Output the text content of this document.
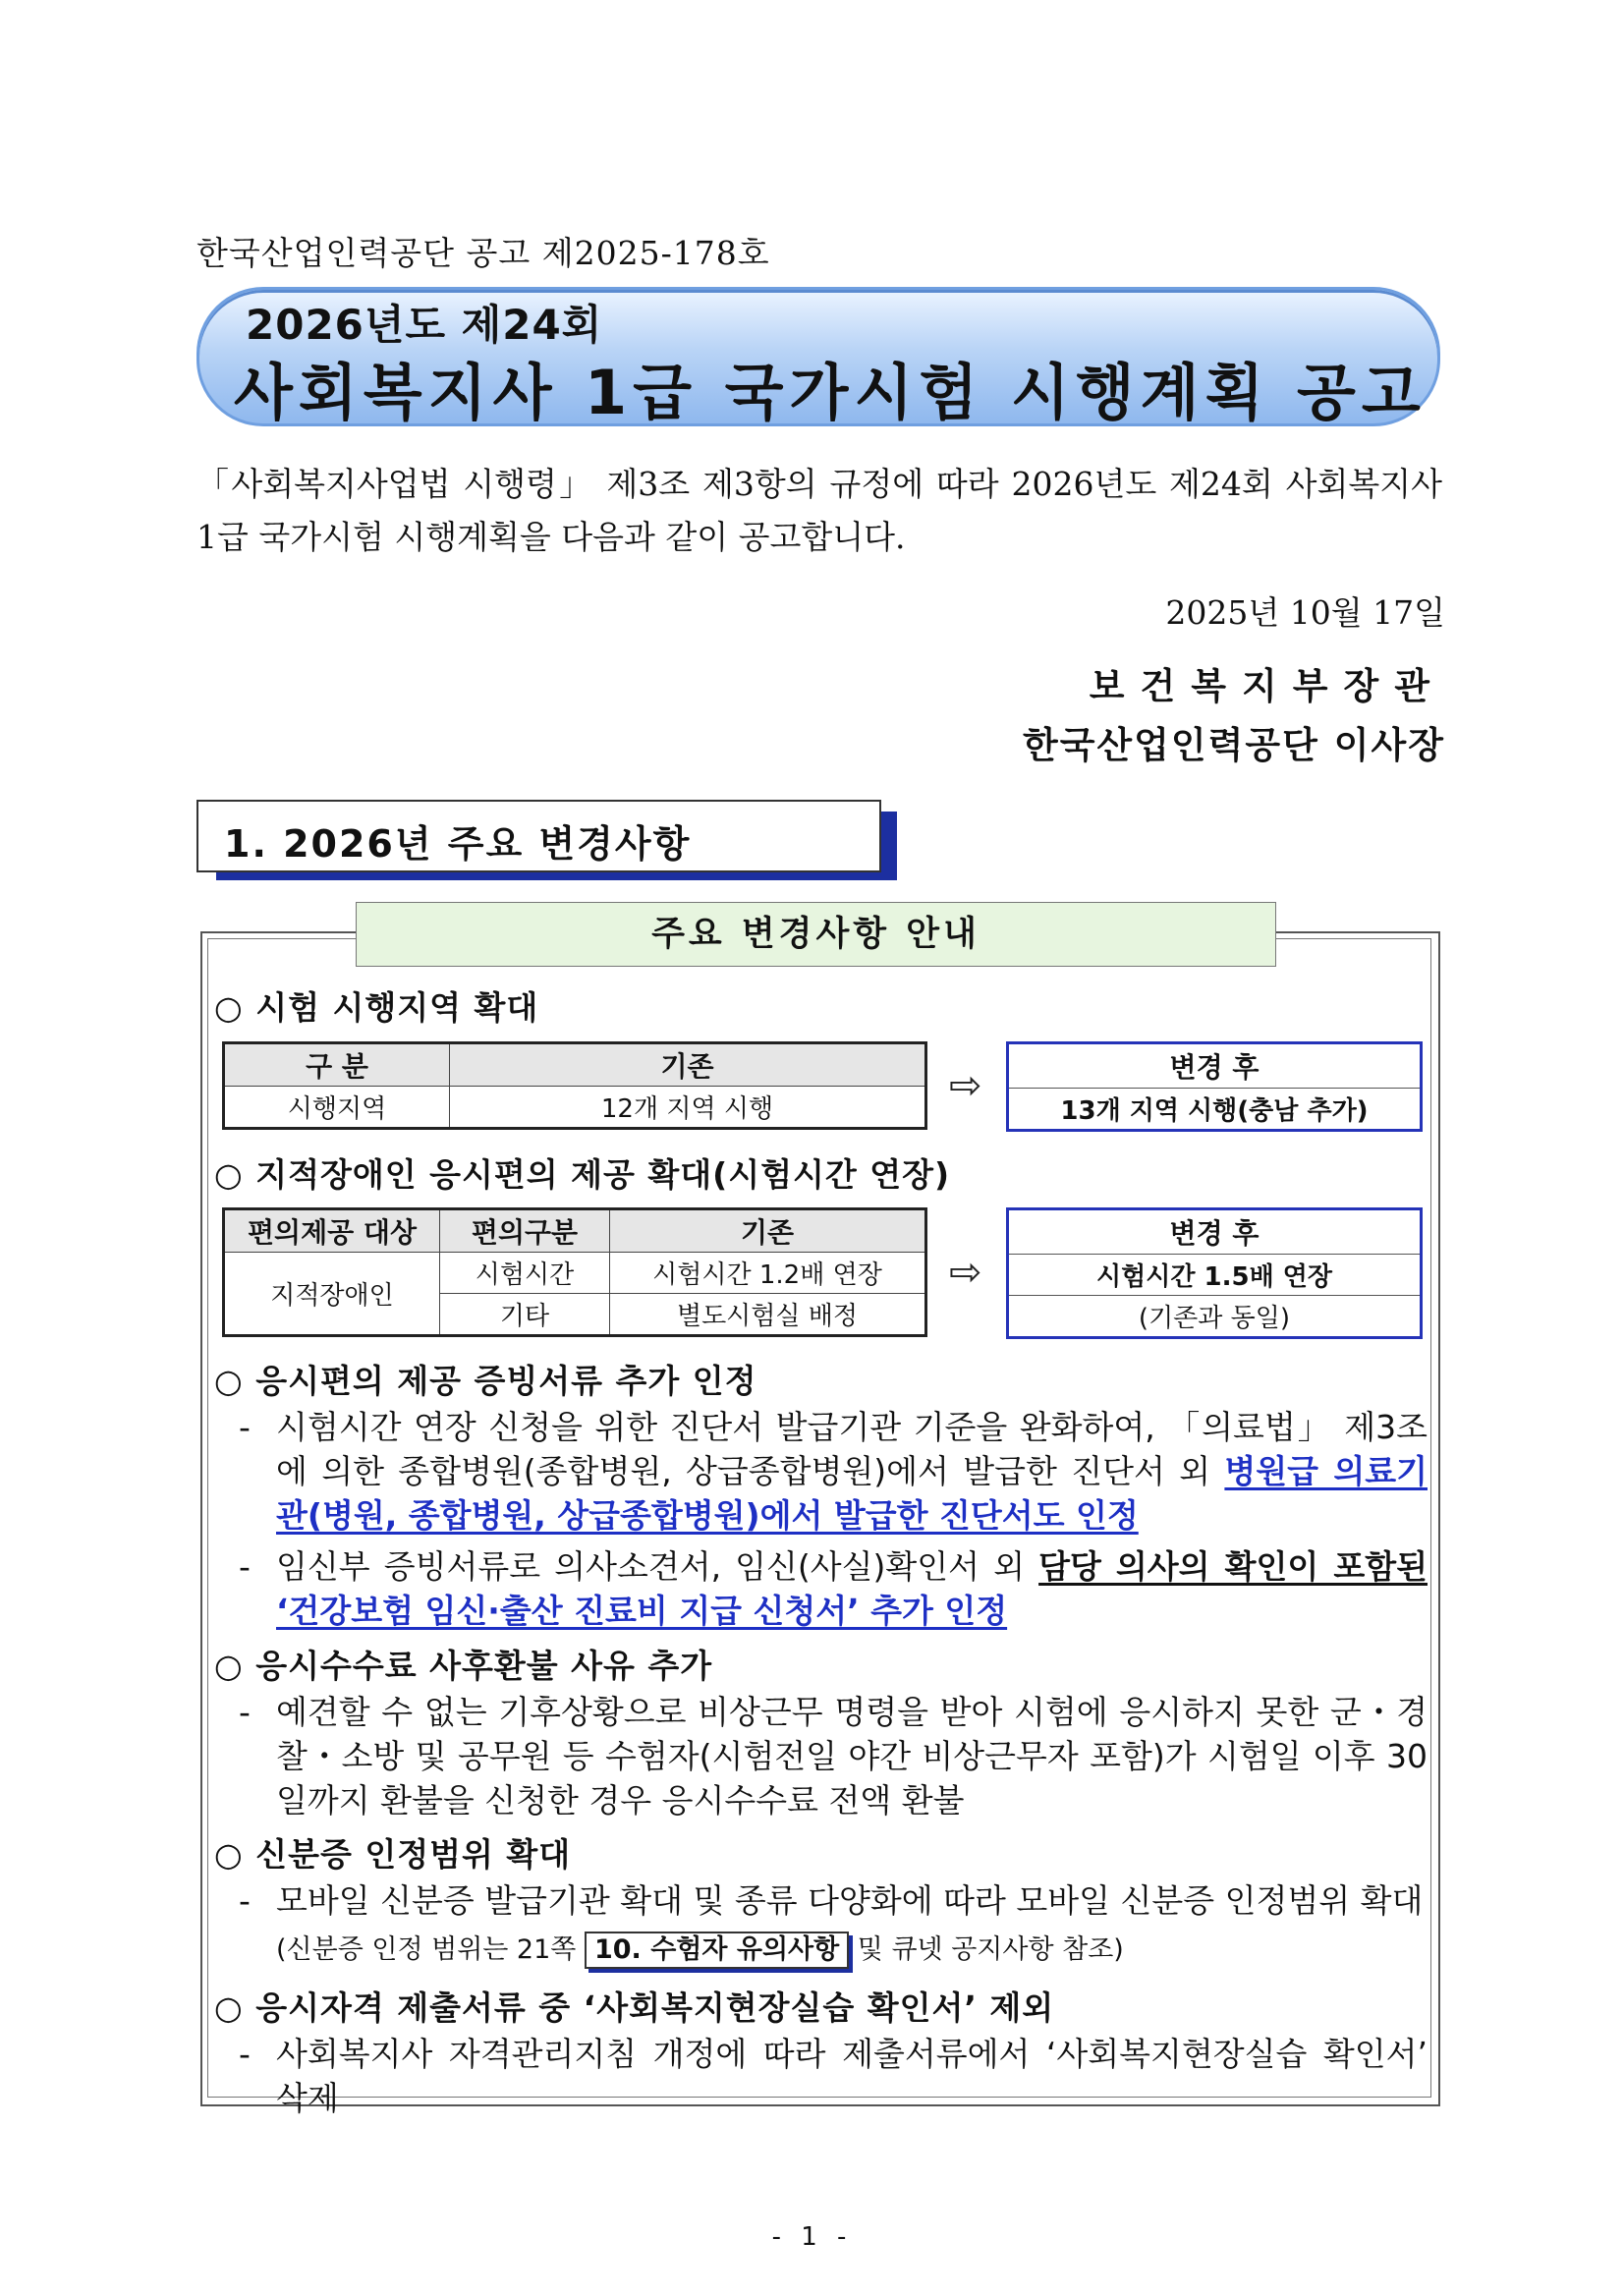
한국산업인력공단 공고 제2025-178호
2026년도 제24회
사회복지사 1급 국가시험 시행계획 공고
「사회복지사업법 시행령」 제3조 제3항의 규정에 따라 2026년도 제24회 사회복지사 1급 국가시험 시행계획을 다음과 같이 공고합니다.
2025년 10월 17일
보건복지부장관
한국산업인력공단 이사장
1. 2026년 주요 변경사항
주요 변경사항 안내
○ 시험 시행지역 확대
구 분	기존
시행지역	12개 지역 시행
⇨	변경 후
13개 지역 시행(충남 추가)
○ 지적장애인 응시편의 제공 확대(시험시간 연장)
편의제공 대상	편의구분	기존
지적장애인	시험시간	시험시간 1.2배 연장
	기타	별도시험실 배정
⇨
변경 후
시험시간 1.5배 연장
(기존과 동일)
○ 응시편의 제공 증빙서류 추가 인정
- 시험시간 연장 신청을 위한 진단서 발급기관 기준을 완화하여, 「의료법」 제3조에 의한 종합병원(종합병원, 상급종합병원)에서 발급한 진단서 외 병원급 의료기관(병원, 종합병원, 상급종합병원)에서 발급한 진단서도 인정
- 임신부 증빙서류로 의사소견서, 임신(사실)확인서 외 담당 의사의 확인이 포함된 ‘건강보험 임신·출산 진료비 지급 신청서’ 추가 인정
○ 응시수수료 사후환불 사유 추가
- 예견할 수 없는 기후상황으로 비상근무 명령을 받아 시험에 응시하지 못한 군・경찰・소방 및 공무원 등 수험자(시험전일 야간 비상근무자 포함)가 시험일 이후 30일까지 환불을 신청한 경우 응시수수료 전액 환불
○ 신분증 인정범위 확대
- 모바일 신분증 발급기관 확대 및 종류 다양화에 따라 모바일 신분증 인정범위 확대
(신분증 인정 범위는 21쪽 10. 수험자 유의사항 및 큐넷 공지사항 참조)
○ 응시자격 제출서류 중 ‘사회복지현장실습 확인서’ 제외
- 사회복지사 자격관리지침 개정에 따라 제출서류에서 ‘사회복지현장실습 확인서’ 삭제
- 1 -
